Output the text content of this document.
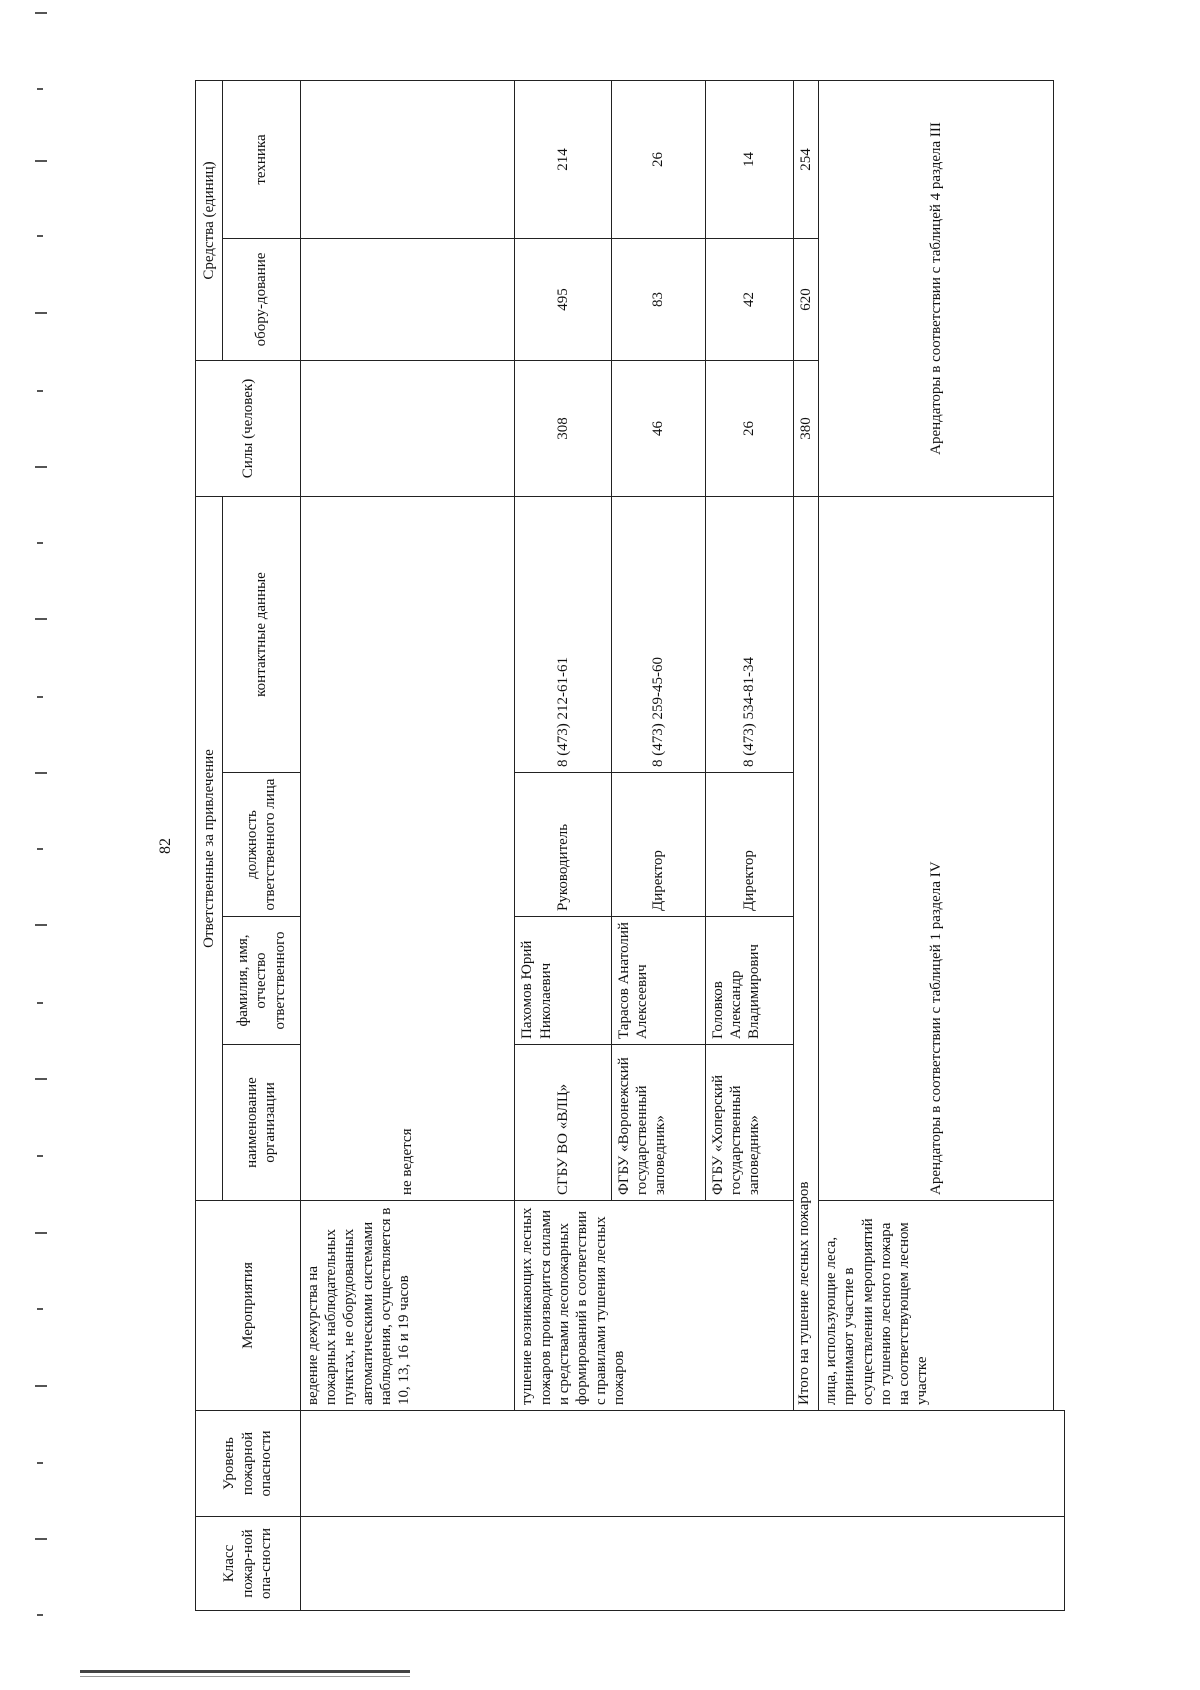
82
Класс пожар-ной опа-сности	Уровень пожарной опасности	Мероприятия	Ответственные за привлечение				Силы (человек)	Средства (единиц)	
			наименование организации	фамилия, имя, отчество ответственного	должность ответственного лица	контактные данные		обору-дование	техника

		ведение дежурства на пожарных наблюдательных пунктах, не оборудованных автоматическими системами наблюдения, осуществляется в 10, 13, 16 и 19 часов	не ведется						
		тушение возникающих лесных пожаров производится силами и средствами лесопожарных формирований в соответствии с правилами тушения лесных пожаров	СГБУ ВО «ВЛЦ»	Пахомов Юрий Николаевич	Руководитель	8 (473) 212-61-61	308	495	214
			ФГБУ «Воронежский государственный заповедник»	Тарасов Анатолий Алексеевич	Директор	8 (473) 259-45-60	46	83	26
			ФГБУ «Хоперский государственный заповедник»	Головков Александр Владимирович	Директор	8 (473) 534-81-34	26	42	14
		Итого на тушение лесных пожаров					380	620	254
		лица, использующие леса, принимают участие в осуществлении мероприятий по тушению лесного пожара на соответствующем лесном участке	Арендаторы в соответствии с таблицей 1 раздела IV				Арендаторы в соответствии с таблицей 4 раздела III		
